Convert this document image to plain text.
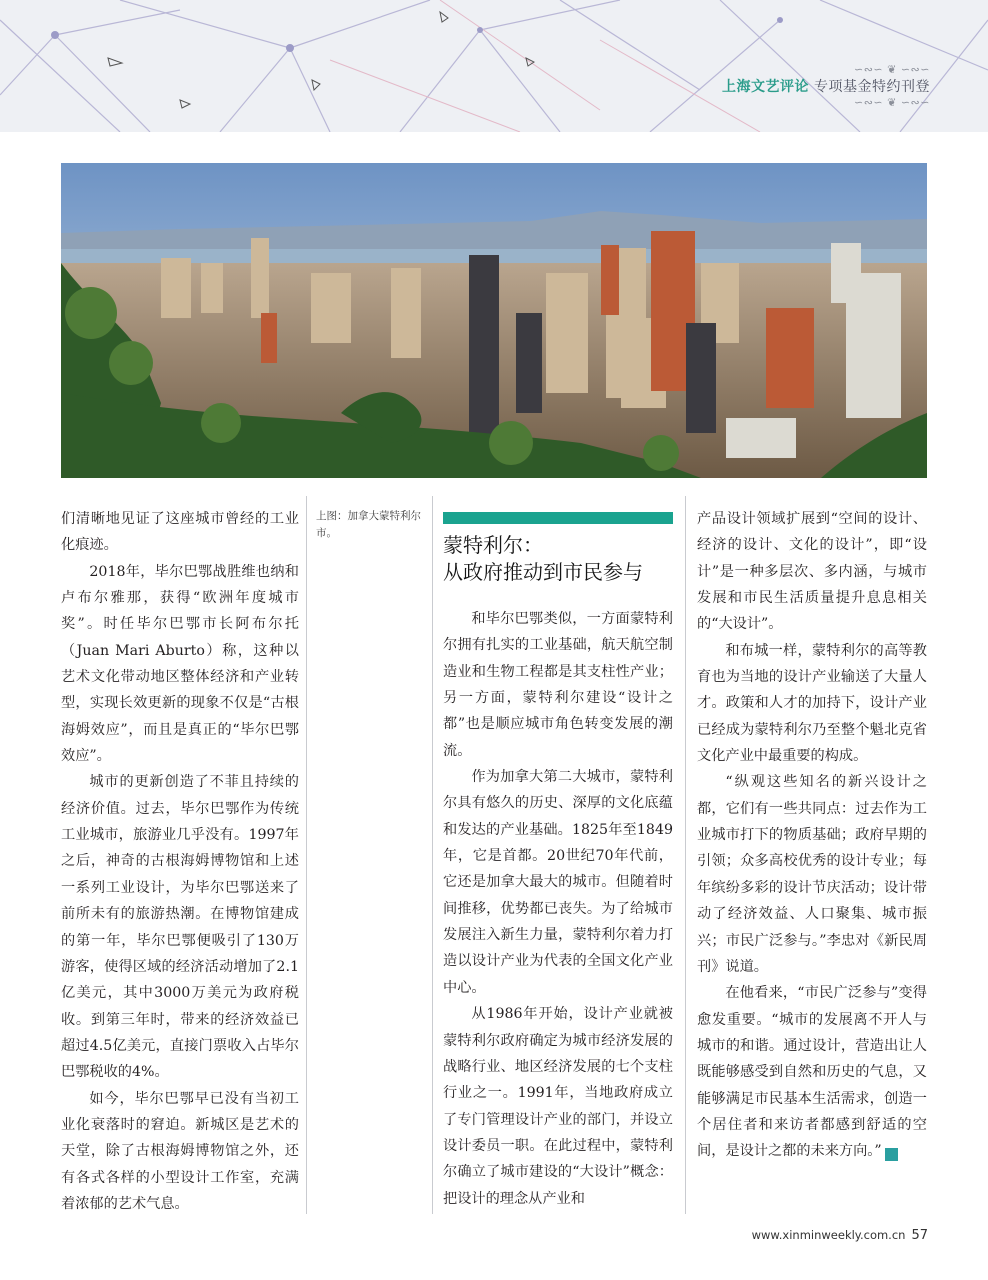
∽∾∽ ❦ ∽∾∽
上海文艺评论 专项基金特约刊登
∽∾∽ ❦ ∽∾∽

们清晰地见证了这座城市曾经的工业化痕迹。

2018年，毕尔巴鄂战胜维也纳和卢布尔雅那，获得“欧洲年度城市奖”。时任毕尔巴鄂市长阿布尔托（Juan Mari Aburto）称，这种以艺术文化带动地区整体经济和产业转型，实现长效更新的现象不仅是“古根海姆效应”，而且是真正的“毕尔巴鄂效应”。

城市的更新创造了不菲且持续的经济价值。过去，毕尔巴鄂作为传统工业城市，旅游业几乎没有。1997年之后，神奇的古根海姆博物馆和上述一系列工业设计，为毕尔巴鄂送来了前所未有的旅游热潮。在博物馆建成的第一年，毕尔巴鄂便吸引了130万游客，使得区域的经济活动增加了2.1亿美元，其中3000万美元为政府税收。到第三年时，带来的经济效益已超过4.5亿美元，直接门票收入占毕尔巴鄂税收的4%。

如今，毕尔巴鄂早已没有当初工业化衰落时的窘迫。新城区是艺术的天堂，除了古根海姆博物馆之外，还有各式各样的小型设计工作室，充满着浓郁的艺术气息。

上图：加拿大蒙特利尔市。	蒙特利尔：
从政府推动到市民参与

和毕尔巴鄂类似，一方面蒙特利尔拥有扎实的工业基础，航天航空制造业和生物工程都是其支柱性产业；另一方面，蒙特利尔建设“设计之都”也是顺应城市角色转变发展的潮流。

作为加拿大第二大城市，蒙特利尔具有悠久的历史、深厚的文化底蕴和发达的产业基础。1825年至1849年，它是首都。20世纪70年代前，它还是加拿大最大的城市。但随着时间推移，优势都已丧失。为了给城市发展注入新生力量，蒙特利尔着力打造以设计产业为代表的全国文化产业中心。

从1986年开始，设计产业就被蒙特利尔政府确定为城市经济发展的战略行业、地区经济发展的七个支柱行业之一。1991年，当地政府成立了专门管理设计产业的部门，并设立设计委员一职。在此过程中，蒙特利尔确立了城市建设的“大设计”概念：把设计的理念从产业和

产品设计领域扩展到“空间的设计、经济的设计、文化的设计”，即“设计”是一种多层次、多内涵，与城市发展和市民生活质量提升息息相关的“大设计”。

和布城一样，蒙特利尔的高等教育也为当地的设计产业输送了大量人才。政策和人才的加持下，设计产业已经成为蒙特利尔乃至整个魁北克省文化产业中最重要的构成。

“纵观这些知名的新兴设计之都，它们有一些共同点：过去作为工业城市打下的物质基础；政府早期的引领；众多高校优秀的设计专业；每年缤纷多彩的设计节庆活动；设计带动了经济效益、人口聚集、城市振兴；市民广泛参与。”李忠对《新民周刊》说道。

在他看来，“市民广泛参与”变得愈发重要。“城市的发展离不开人与城市的和谐。通过设计，营造出让人既能够感受到自然和历史的气息，又能够满足市民基本生活需求，创造一个居住者和来访者都感到舒适的空间，是设计之都的未来方向。”	民

www.xinminweekly.com.cn 57
